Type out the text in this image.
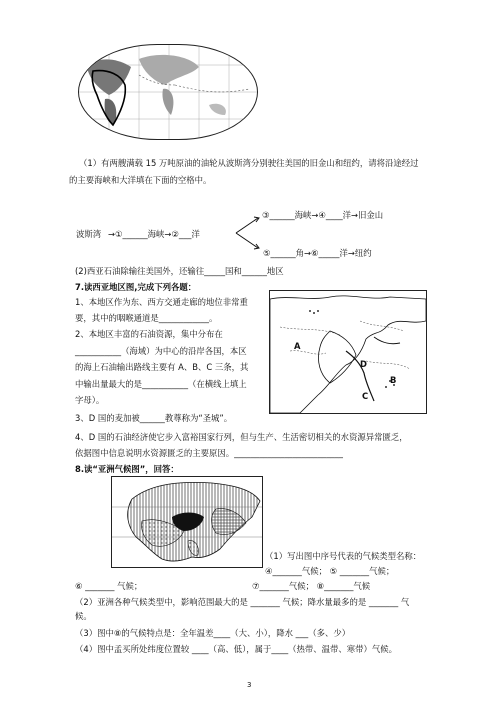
（1）有两艘满载 15 万吨原油的油轮从波斯湾分别驶往美国的旧金山和纽约，请将沿途经过
的主要海峡和大洋填在下面的空格中。
波斯湾 →①______海峡→②___洋
③______海峡→④____洋→旧金山
⑤______角→⑥_____洋→纽约
(2)西亚石油除输往美国外，还输往_____国和______地区
7.读西亚地区图,完成下列各题：
1、本地区作为东、西方交通走廊的地位非常重
要，其中的咽喉通道是____________。
2、本地区丰富的石油资源，集中分布在
___________（海域）为中心的沿岸各国，本区
的海上石油输出路线主要有 A、B、C 三条，其
中输出量最大的是___________（在横线上填上
字母）。
3、D 国的麦加被______教尊称为“圣城”。
4、D 国的石油经济使它步入富裕国家行列，但与生产、生活密切相关的水资源异常匮乏，
依据图中信息说明水资源匮乏的主要原因。__________________________
A
B
C
D
8.读“亚洲气候图”，回答：
（1）写出图中序号代表的气候类型名称：
④_______气候； ⑤ _______气候；
⑥ _______ 气候；	⑦_______气候； ⑧_______气候
（2）亚洲各种气候类型中，影响范围最大的是 _______ 气候；降水量最多的是 _______ 气
候。
（3）图中⑧的气候特点是：全年温差____（大、小），降水 ___（多、少）
（4）图中孟买所处纬度位置较 ____（高、低），属于____（热带、温带、寒带）气候。
3
